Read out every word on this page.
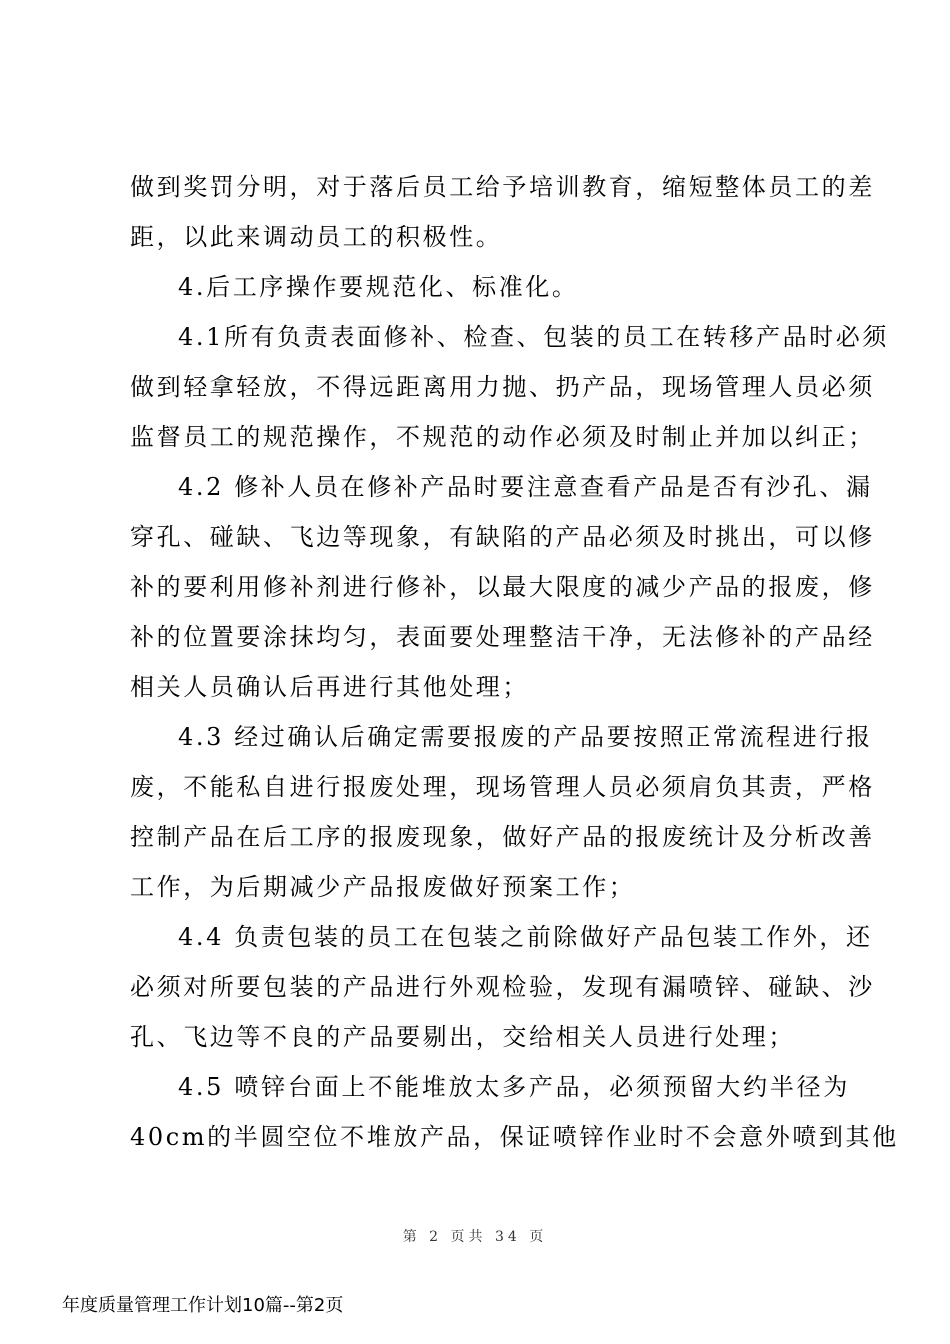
做到奖罚分明，对于落后员工给予培训教育，缩短整体员工的差
距，以此来调动员工的积极性。
4.后工序操作要规范化、标准化。
4.1所有负责表面修补、检查、包装的员工在转移产品时必须
做到轻拿轻放，不得远距离用力抛、扔产品，现场管理人员必须
监督员工的规范操作，不规范的动作必须及时制止并加以纠正；
4.2 修补人员在修补产品时要注意查看产品是否有沙孔、漏
穿孔、碰缺、飞边等现象，有缺陷的产品必须及时挑出，可以修
补的要利用修补剂进行修补，以最大限度的减少产品的报废，修
补的位置要涂抹均匀，表面要处理整洁干净，无法修补的产品经
相关人员确认后再进行其他处理；
4.3 经过确认后确定需要报废的产品要按照正常流程进行报
废，不能私自进行报废处理，现场管理人员必须肩负其责，严格
控制产品在后工序的报废现象，做好产品的报废统计及分析改善
工作，为后期减少产品报废做好预案工作；
4.4 负责包装的员工在包装之前除做好产品包装工作外，还
必须对所要包装的产品进行外观检验，发现有漏喷锌、碰缺、沙
孔、飞边等不良的产品要剔出，交给相关人员进行处理；
4.5 喷锌台面上不能堆放太多产品，必须预留大约半径为
40cm的半圆空位不堆放产品，保证喷锌作业时不会意外喷到其他
第 2 页共 34 页
年度质量管理工作计划10篇--第2页
